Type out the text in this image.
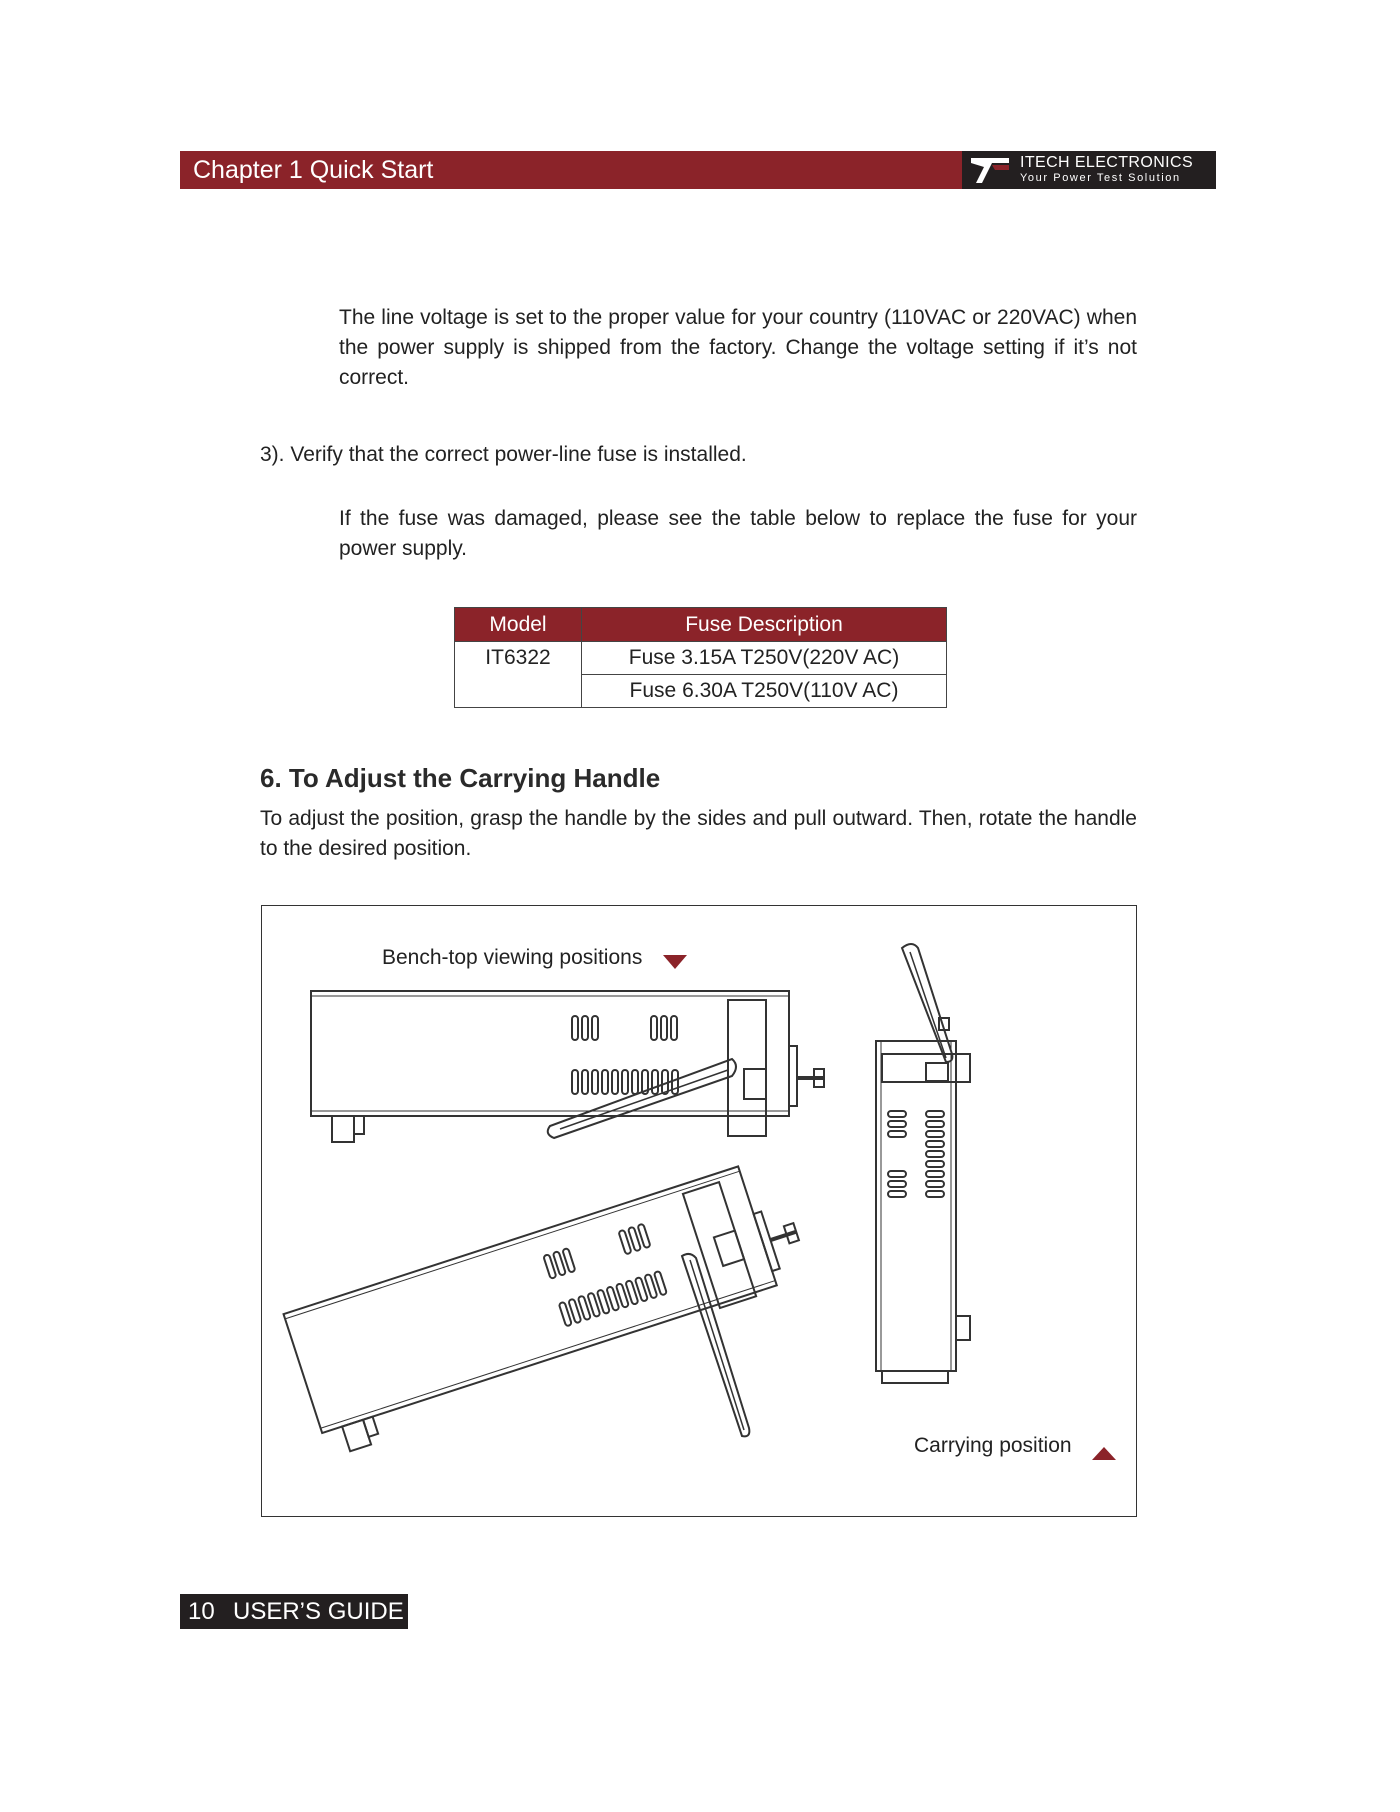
Chapter 1 Quick Start	ITECH ELECTRONICS
Your Power Test Solution
The line voltage is set to the proper value for your country (110VAC or 220VAC) when the power supply is shipped from the factory. Change the voltage setting if it’s not correct.
3). Verify that the correct power-line fuse is installed.
If the fuse was damaged, please see the table below to replace the fuse for your power supply.
Model	Fuse Description
IT6322	Fuse 3.15A T250V(220V AC)
	Fuse 6.30A T250V(110V AC)
6. To Adjust the Carrying Handle
To adjust the position, grasp the handle by the sides and pull outward. Then, rotate the handle to the desired position.
Bench-top viewing positions
Carrying position
10 USER’S GUIDE
